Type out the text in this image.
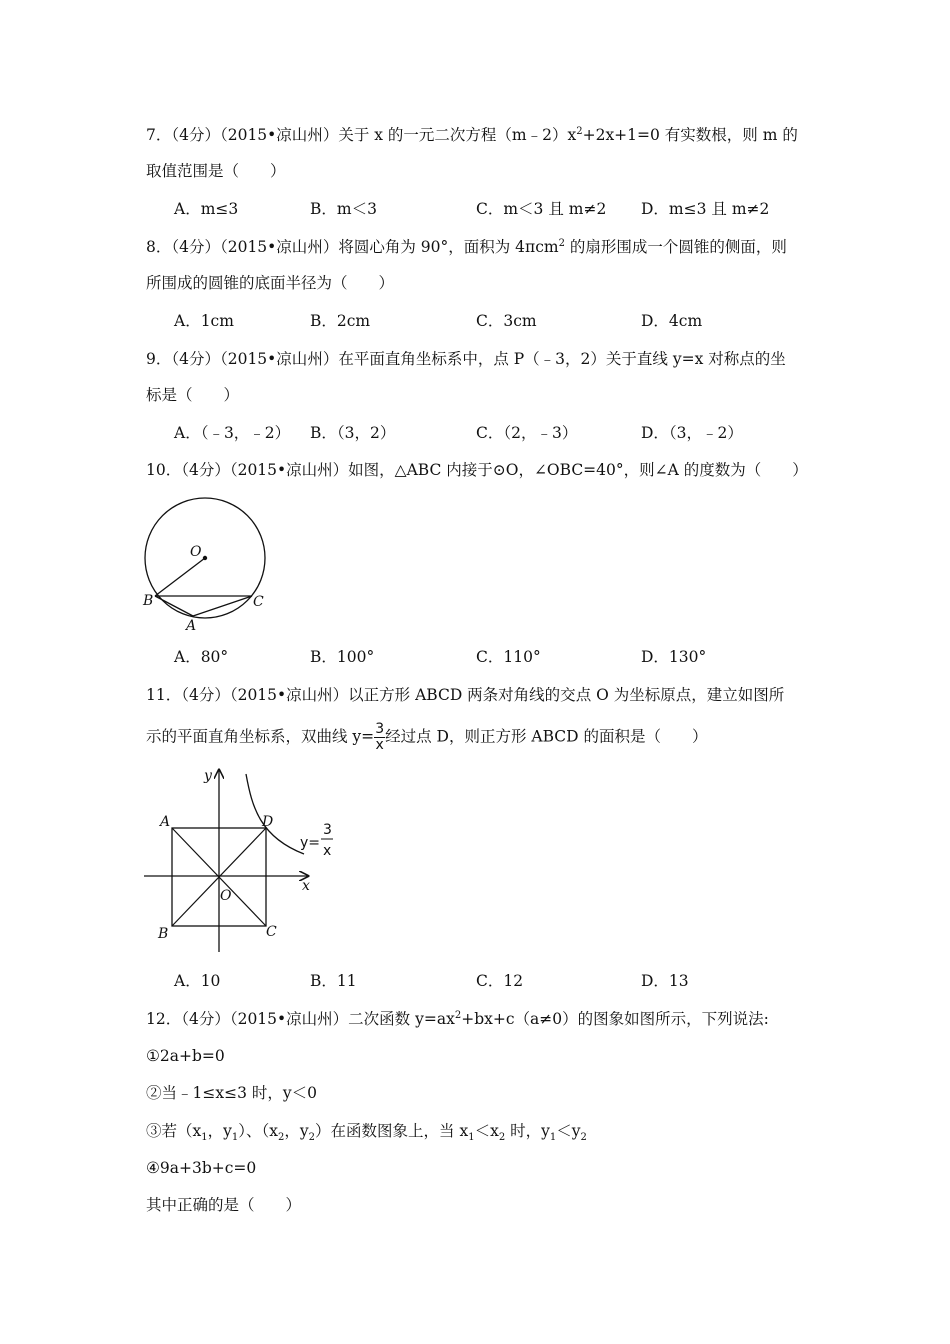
7．（4分）（2015•凉山州）关于 x 的一元二次方程$(m﹣2)x^2+2x+1=0$ 有实数根，则 m 的
取值范围是（　　）
A．m≤3	B．m＜3	C．m＜3 且 m≠2 D．m≤3 且 m≠2
8．（4分）（2015•凉山州）将圆心角为 90°，面积为 4πcm$^2$ 的扇形围成一个圆锥的侧面，则
所围成的圆锥的底面半径为（　　）
A．1cm	B．2cm	C．3cm	D．4cm
9．（4分）（2015•凉山州）在平面直角坐标系中，点 P（﹣3，2）关于直线 y=x 对称点的坐
标是（　　）
A．（﹣3，﹣2） B．（3，2）	C．（2，﹣3）	D．（3，﹣2）
10．（4分）（2015•凉山州）如图，△ABC 内接于⊙O，∠OBC=40°，则∠A 的度数为（　　）
O
B	C
A
A．80°	B．100°	C．110°	D．130°
11．（4分）（2015•凉山州）以正方形 ABCD 两条对角线的交点 O 为坐标原点，建立如图所
示的平面直角坐标系，双曲线 $y= \frac{3}{x}$ 经过点 D，则正方形 ABCD 的面积是（　　）
y
x
A	D
O
B	C
y=
3
x
A．10	B．11	C．12	D．13
12．（4分）（2015•凉山州）二次函数 $y=ax^2+bx+c(a\ne 0)$的图象如图所示，下列说法:
①2a+b=0
②当﹣1≤x≤3 时，y＜0
③若（$x_1$，$y_1$）、（$x_2$，$y_2$）在函数图象上，当 $x_1<x_2$ 时，$y_1<y_2$
④9a+3b+c=0
其中正确的是（　　）
